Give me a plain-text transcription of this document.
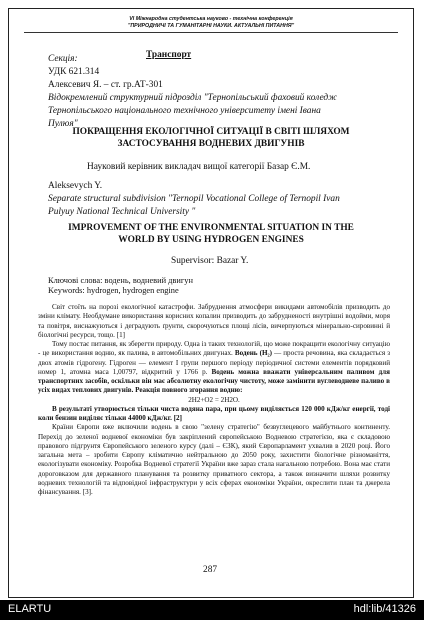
VI Міжнародна студентська науково - технічна конференція
"ПРИРОДНИЧІ ТА ГУМАНІТАРНІ НАУКИ. АКТУАЛЬНІ ПИТАННЯ"
Секція:	Транспорт
УДК 621.314
Алексевич Я. – ст. гр.АТ-301
Відокремлений структурний підрозділ "Тернопільський фаховий коледж
Тернопільського національного технічного університету імені Івана
Пулюя"
ПОКРАЩЕННЯ ЕКОЛОГІЧНОЇ СИТУАЦІЇ В СВІТІ ШЛЯХОМ
ЗАСТОСУВАННЯ ВОДНЕВИХ ДВИГУНІВ
Науковий керівник викладач вищої категорії Базар Є.М.
Aleksevych Y.
Separate structural subdivision "Ternopil Vocational College of Ternopil Ivan
Pulyuy National Technical University "
IMPROVEMENT OF THE ENVIRONMENTAL SITUATION IN THE
WORLD BY USING HYDROGEN ENGINES
Supervisor: Bazar Y.
Ключові слова: водень, водневий двигун
Keywords: hydrogen, hydrogen engine

Світ стоїть на порозі екологічної катастрофи. Забруднення атмосфери викидами автомобілів призводить до зміни клімату. Необдумане використання корисних копалин призводить до забрудненості внутрішні водойми, моря та повітря, виснажуються і деградують ґрунти, скорочуються площі лісів, вичерпуються мінерально-сировинні й біологічні ресурси, тощо. [1]

Тому постає питання, як зберегти природу. Одна із таких технологій, що може покращити екологічну ситуацію - це використання водню, як палива, в автомобільних двигунах. Водень (H₂) — проста речовина, яка складається з двох атомів гідрогену. Гідроген — елемент I групи першого періоду періодичної системи елементів порядковий номер 1, атомна маса 1,00797, відкритий у 1766 р. Водень можна вважати універсальним паливом для транспортних засобів, оскільки він має абсолютну екологічну чистоту, може замінити вуглеводневе паливо в усіх видах теплових двигунів. Реакція повного згорання водню:

2H2+O2 = 2H2O.

В результаті утворюється тільки чиста водяна пара, при цьому виділяється 120 000 кДж/кг енергії, тоді коли бензин виділяє тільки 44000 кДж/кг. [2]

Країни Європи вже включили водень в свою "зелену стратегію" безвуглецевого майбутнього континенту. Перехід до зеленої водневої економіки був закріплений європейською Водневою стратегією, яка є складовою правового підгрунтя Європейського зеленого курсу (далі – ЄЗК), який Європарламент ухвалив в 2020 році. Його загальна мета – зробити Європу кліматично нейтральною до 2050 року, захистити біологічне різноманіття, екологізувати економіку. Розробка Водневої стратегії України вже зараз стала нагальною потребою. Вона має стати дороговказом для державного планування та розвитку приватного сектора, а також визначити шляхи розвитку водневих технологій та відповідної інфраструктури у всіх сферах економіки України, окреслити план та джерела фінансування. [3].

287
ELARTU	hdl:lib/41326
